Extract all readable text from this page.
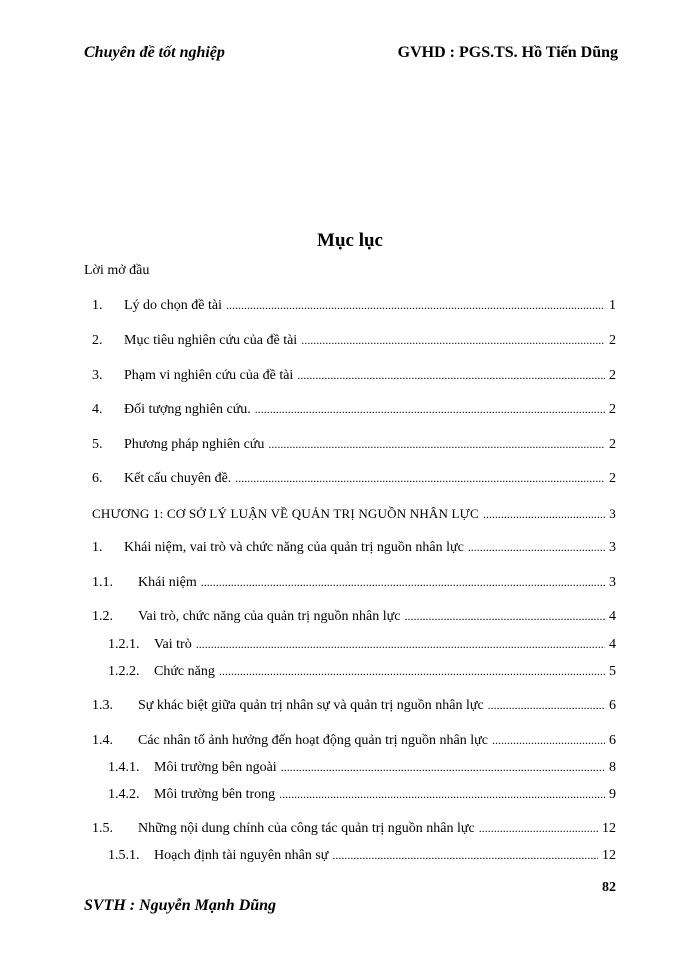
Chuyên đề tốt nghiệp	GVHD : PGS.TS. Hồ Tiến Dũng
Mục lục
Lời mở đầu
1.	Lý do chọn đề tài .....	1
2.	Mục tiêu nghiên cứu của đề tài .....	2
3.	Phạm vi nghiên cứu của đề tài .....	2
4.	Đối tượng nghiên cứu. .....	2
5.	Phương pháp nghiên cứu .....	2
6.	Kết cấu chuyên đề. .....	2
CHƯƠNG 1: CƠ SỞ LÝ LUẬN VỀ QUẢN TRỊ NGUỒN NHÂN LỰC .....	3
1.	Khái niệm, vai trò và chức năng của quản trị nguồn nhân lực .....	3
1.1.	Khái niệm .....	3
1.2.	Vai trò, chức năng của quản trị nguồn nhân lực .....	4
1.2.1.	Vai trò .....	4
1.2.2.	Chức năng .....	5
1.3.	Sự khác biệt giữa quản trị nhân sự và quản trị nguồn nhân lực .....	6
1.4.	Các nhân tố ảnh hưởng đến hoạt động quản trị nguồn nhân lực .....	6
1.4.1.	Môi trường bên ngoài .....	8
1.4.2.	Môi trường bên trong .....	9
1.5.	Những nội dung chính của công tác quản trị nguồn nhân lực .....	12
1.5.1.	Hoạch định tài nguyên nhân sự .....	12
82
SVTH : Nguyễn Mạnh Dũng
